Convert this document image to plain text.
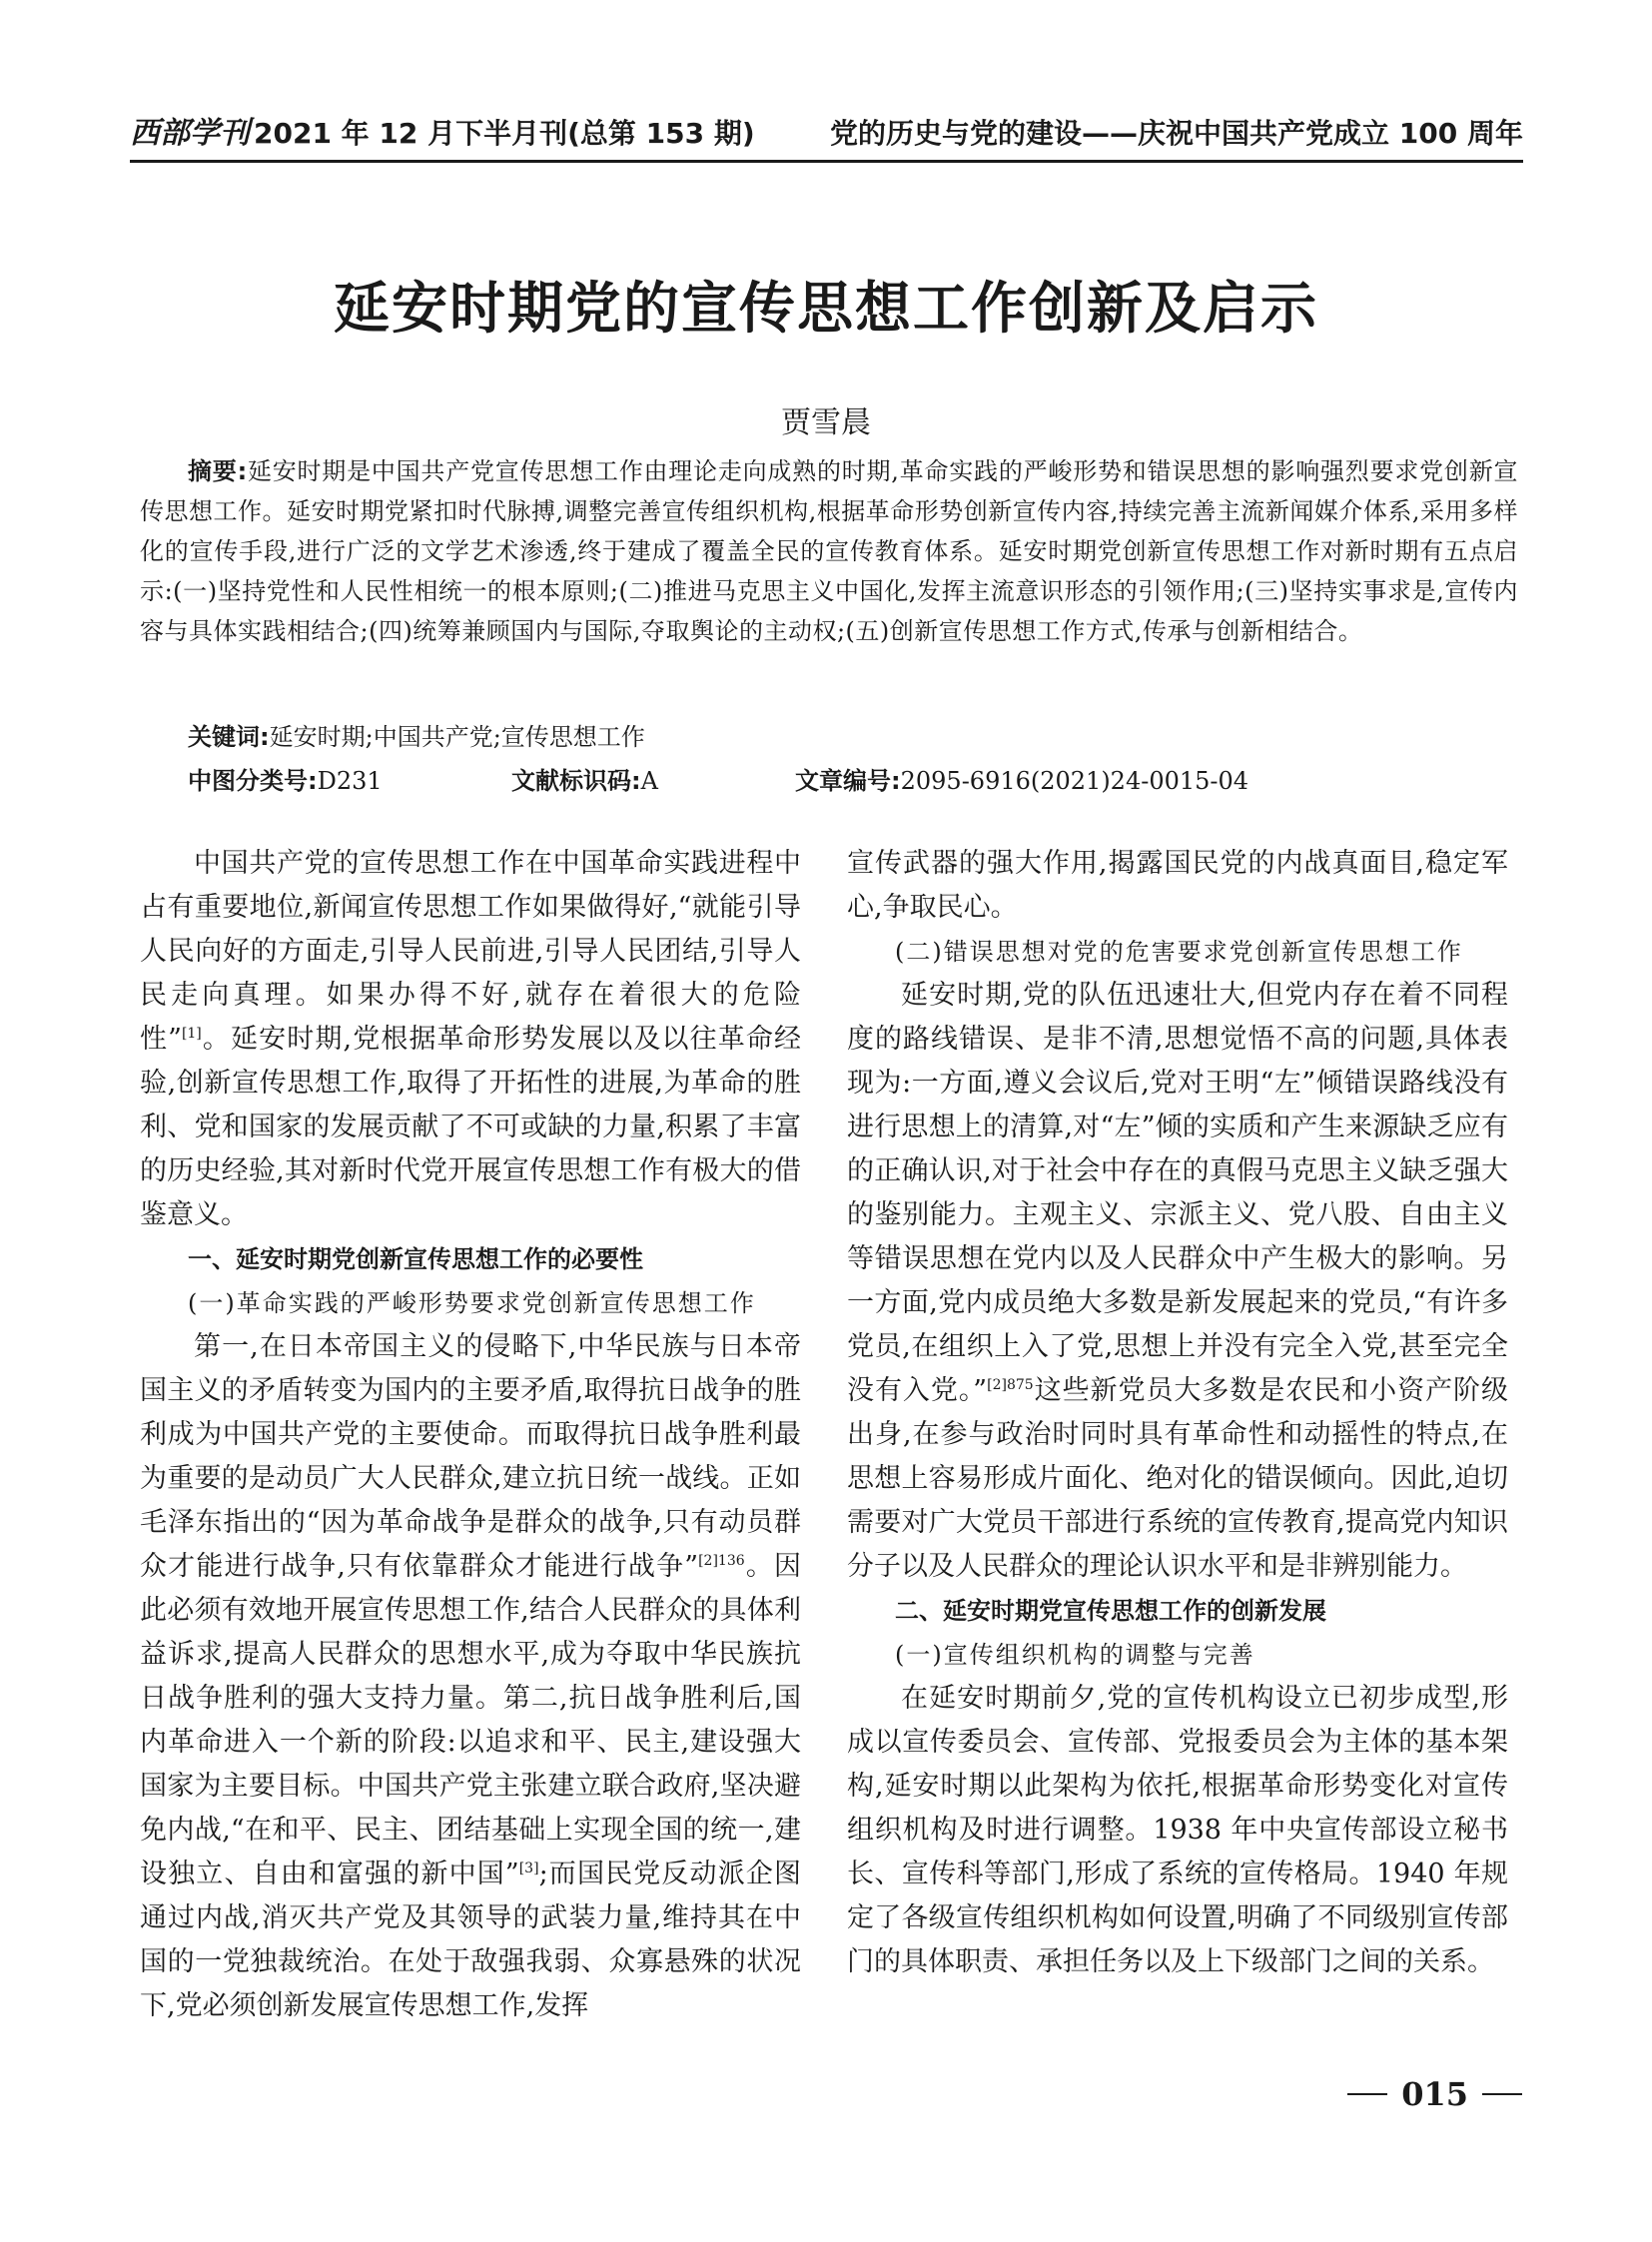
西部学刊 2021 年 12 月下半月刊(总第 153 期)	党的历史与党的建设——庆祝中国共产党成立 100 周年
延安时期党的宣传思想工作创新及启示
贾雪晨

摘要:延安时期是中国共产党宣传思想工作由理论走向成熟的时期,革命实践的严峻形势和错误思想的影响强烈要求党创新宣传思想工作。延安时期党紧扣时代脉搏,调整完善宣传组织机构,根据革命形势创新宣传内容,持续完善主流新闻媒介体系,采用多样化的宣传手段,进行广泛的文学艺术渗透,终于建成了覆盖全民的宣传教育体系。延安时期党创新宣传思想工作对新时期有五点启示:(一)坚持党性和人民性相统一的根本原则;(二)推进马克思主义中国化,发挥主流意识形态的引领作用;(三)坚持实事求是,宣传内容与具体实践相结合;(四)统筹兼顾国内与国际,夺取舆论的主动权;(五)创新宣传思想工作方式,传承与创新相结合。

关键词:延安时期;中国共产党;宣传思想工作
中图分类号:D231	文献标识码:A	文章编号:2095-6916(2021)24-0015-04

中国共产党的宣传思想工作在中国革命实践进程中占有重要地位,新闻宣传思想工作如果做得好,“就能引导人民向好的方面走,引导人民前进,引导人民团结,引导人民走向真理。如果办得不好,就存在着很大的危险性”[1]。延安时期,党根据革命形势发展以及以往革命经验,创新宣传思想工作,取得了开拓性的进展,为革命的胜利、党和国家的发展贡献了不可或缺的力量,积累了丰富的历史经验,其对新时代党开展宣传思想工作有极大的借鉴意义。

一、延安时期党创新宣传思想工作的必要性
(一)革命实践的严峻形势要求党创新宣传思想工作

第一,在日本帝国主义的侵略下,中华民族与日本帝国主义的矛盾转变为国内的主要矛盾,取得抗日战争的胜利成为中国共产党的主要使命。而取得抗日战争胜利最为重要的是动员广大人民群众,建立抗日统一战线。正如毛泽东指出的“因为革命战争是群众的战争,只有动员群众才能进行战争,只有依靠群众才能进行战争”$^{[2]136}$。因此必须有效地开展宣传思想工作,结合人民群众的具体利益诉求,提高人民群众的思想水平,成为夺取中华民族抗日战争胜利的强大支持力量。第二,抗日战争胜利后,国内革命进入一个新的阶段:以追求和平、民主,建设强大国家为主要目标。中国共产党主张建立联合政府,坚决避免内战,“在和平、民主、团结基础上实现全国的统一,建设独立、自由和富强的新中国”[3];而国民党反动派企图通过内战,消灭共产党及其领导的武装力量,维持其在中国的一党独裁统治。在处于敌强我弱、众寡悬殊的状况下,党必须创新发展宣传思想工作,发挥

宣传武器的强大作用,揭露国民党的内战真面目,稳定军心,争取民心。

(二)错误思想对党的危害要求党创新宣传思想工作

延安时期,党的队伍迅速壮大,但党内存在着不同程度的路线错误、是非不清,思想觉悟不高的问题,具体表现为:一方面,遵义会议后,党对王明“左”倾错误路线没有进行思想上的清算,对“左”倾的实质和产生来源缺乏应有的正确认识,对于社会中存在的真假马克思主义缺乏强大的鉴别能力。主观主义、宗派主义、党八股、自由主义等错误思想在党内以及人民群众中产生极大的影响。另一方面,党内成员绝大多数是新发展起来的党员,“有许多党员,在组织上入了党,思想上并没有完全入党,甚至完全没有入党。”$^{[2]875}$这些新党员大多数是农民和小资产阶级出身,在参与政治时同时具有革命性和动摇性的特点,在思想上容易形成片面化、绝对化的错误倾向。因此,迫切需要对广大党员干部进行系统的宣传教育,提高党内知识分子以及人民群众的理论认识水平和是非辨别能力。

二、延安时期党宣传思想工作的创新发展
(一)宣传组织机构的调整与完善

在延安时期前夕,党的宣传机构设立已初步成型,形成以宣传委员会、宣传部、党报委员会为主体的基本架构,延安时期以此架构为依托,根据革命形势变化对宣传组织机构及时进行调整。1938 年中央宣传部设立秘书长、宣传科等部门,形成了系统的宣传格局。1940 年规定了各级宣传组织机构如何设置,明确了不同级别宣传部门的具体职责、承担任务以及上下级部门之间的关系。

015
